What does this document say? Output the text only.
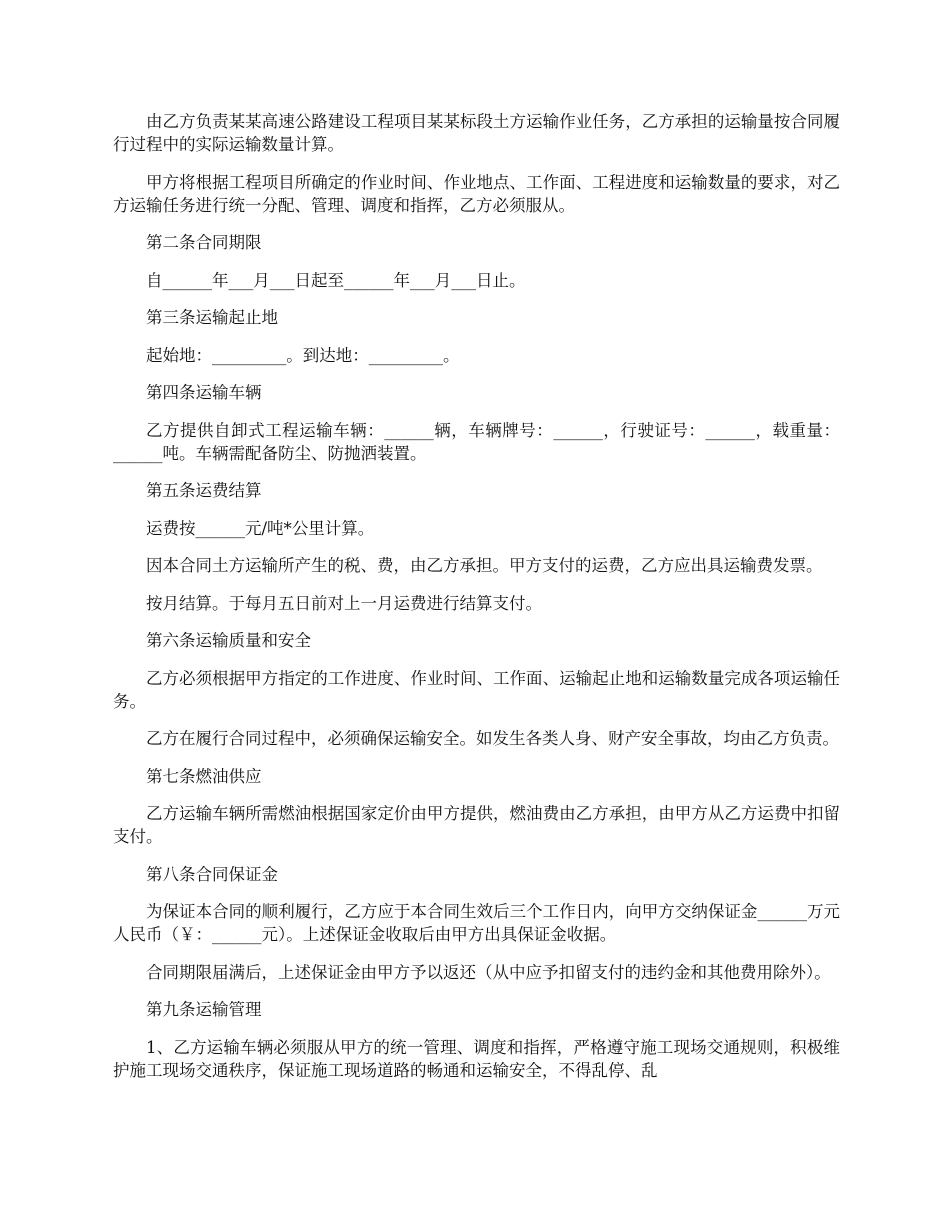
由乙方负责某某高速公路建设工程项目某某标段土方运输作业任务，乙方承担的运输量按合同履行过程中的实际运输数量计算。

甲方将根据工程项目所确定的作业时间、作业地点、工作面、工程进度和运输数量的要求，对乙方运输任务进行统一分配、管理、调度和指挥，乙方必须服从。

第二条合同期限

自______年___月___日起至______年___月___日止。

第三条运输起止地

起始地：_________。到达地：_________。

第四条运输车辆

乙方提供自卸式工程运输车辆：______辆，车辆牌号：______，行驶证号：______，载重量：______吨。车辆需配备防尘、防抛洒装置。

第五条运费结算

运费按______元/吨*公里计算。

因本合同土方运输所产生的税、费，由乙方承担。甲方支付的运费，乙方应出具运输费发票。

按月结算。于每月五日前对上一月运费进行结算支付。

第六条运输质量和安全

乙方必须根据甲方指定的工作进度、作业时间、工作面、运输起止地和运输数量完成各项运输任务。

乙方在履行合同过程中，必须确保运输安全。如发生各类人身、财产安全事故，均由乙方负责。

第七条燃油供应

乙方运输车辆所需燃油根据国家定价由甲方提供，燃油费由乙方承担，由甲方从乙方运费中扣留支付。

第八条合同保证金

为保证本合同的顺利履行，乙方应于本合同生效后三个工作日内，向甲方交纳保证金______万元人民币（￥：______元）。上述保证金收取后由甲方出具保证金收据。

合同期限届满后，上述保证金由甲方予以返还（从中应予扣留支付的违约金和其他费用除外）。

第九条运输管理

1、乙方运输车辆必须服从甲方的统一管理、调度和指挥，严格遵守施工现场交通规则，积极维护施工现场交通秩序，保证施工现场道路的畅通和运输安全，不得乱停、乱
